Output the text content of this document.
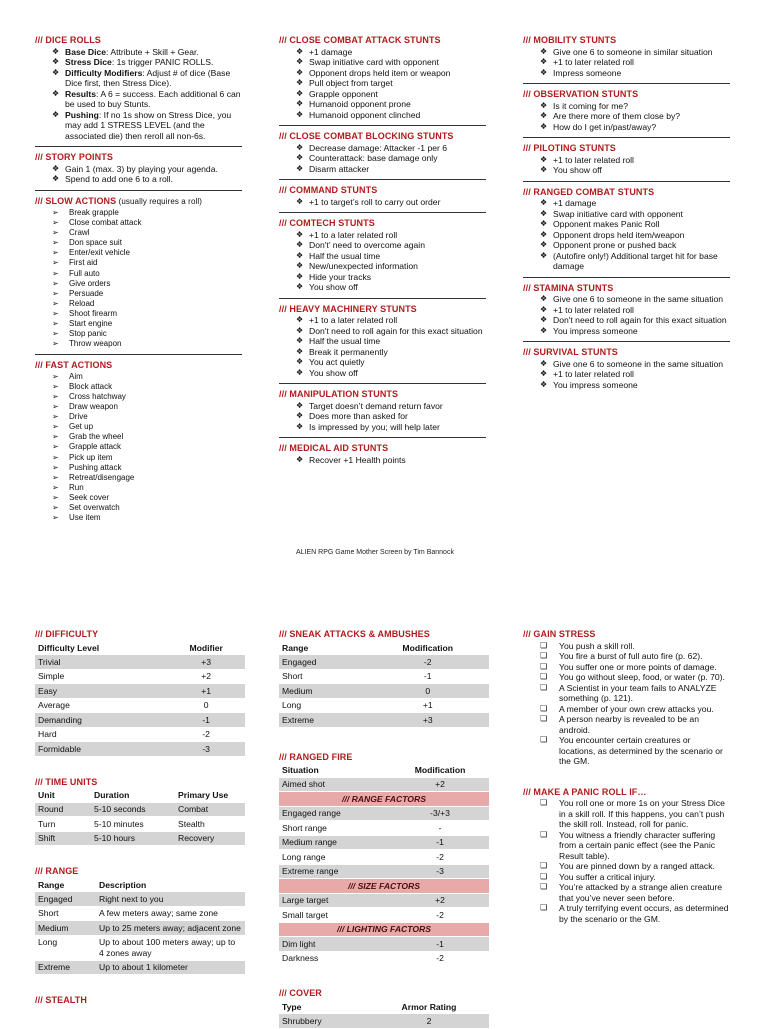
/// DICE ROLLS
❖ Base Dice: Attribute + Skill + Gear.
❖ Stress Dice: 1s trigger PANIC ROLLS.
❖ Difficulty Modifiers: Adjust # of dice (Base Dice first, then Stress Dice).
❖ Results: A 6 = success. Each additional 6 can be used to buy Stunts.
❖ Pushing: If no 1s show on Stress Dice, you may add 1 STRESS LEVEL (and the associated die) then reroll all non-6s.
/// STORY POINTS
❖ Gain 1 (max. 3) by playing your agenda.
❖ Spend to add one 6 to a roll.
/// SLOW ACTIONS (usually requires a roll)
➢ Break grapple
➢ Close combat attack
➢ Crawl
➢ Don space suit
➢ Enter/exit vehicle
➢ First aid
➢ Full auto
➢ Give orders
➢ Persuade
➢ Reload
➢ Shoot firearm
➢ Start engine
➢ Stop panic
➢ Throw weapon
/// FAST ACTIONS
➢ Aim
➢ Block attack
➢ Cross hatchway
➢ Draw weapon
➢ Drive
➢ Get up
➢ Grab the wheel
➢ Grapple attack
➢ Pick up item
➢ Pushing attack
➢ Retreat/disengage
➢ Run
➢ Seek cover
➢ Set overwatch
➢ Use item
/// CLOSE COMBAT ATTACK STUNTS
❖ +1 damage
❖ Swap initiative card with opponent
❖ Opponent drops held item or weapon
❖ Pull object from target
❖ Grapple opponent
❖ Humanoid opponent prone
❖ Humanoid opponent clinched
/// CLOSE COMBAT BLOCKING STUNTS
❖ Decrease damage: Attacker -1 per 6
❖ Counterattack: base damage only
❖ Disarm attacker
/// COMMAND STUNTS
❖ +1 to target’s roll to carry out order
/// COMTECH STUNTS
❖ +1 to a later related roll
❖ Don't’ need to overcome again
❖ Half the usual time
❖ New/unexpected information
❖ Hide your tracks
❖ You show off
/// HEAVY MACHINERY STUNTS
❖ +1 to a later related roll
❖ Don't need to roll again for this exact situation
❖ Half the usual time
❖ Break it permanently
❖ You act quietly
❖ You show off
/// MANIPULATION STUNTS
❖ Target doesn’t demand return favor
❖ Does more than asked for
❖ Is impressed by you; will help later
/// MEDICAL AID STUNTS
❖ Recover +1 Health points
/// MOBILITY STUNTS
❖ Give one 6 to someone in similar situation
❖ +1 to later related roll
❖ Impress someone
/// OBSERVATION STUNTS
❖ Is it coming for me?
❖ Are there more of them close by?
❖ How do I get in/past/away?
/// PILOTING STUNTS
❖ +1 to later related roll
❖ You show off
/// RANGED COMBAT STUNTS
❖ +1 damage
❖ Swap initiative card with opponent
❖ Opponent makes Panic Roll
❖ Opponent drops held item/weapon
❖ Opponent prone or pushed back
❖ (Autofire only!) Additional target hit for base damage
/// STAMINA STUNTS
❖ Give one 6 to someone in the same situation
❖ +1 to later related roll
❖ Don't need to roll again for this exact situation
❖ You impress someone
/// SURVIVAL STUNTS
❖ Give one 6 to someone in the same situation
❖ +1 to later related roll
❖ You impress someone
ALIEN RPG Game Mother Screen by Tim Bannock
/// DIFFICULTY
Difficulty Level	Modifier
Trivial	+3
Simple	+2
Easy	+1
Average	0
Demanding	-1
Hard	-2
Formidable	-3
/// TIME UNITS
Unit	Duration	Primary Use
Round	5-10 seconds	Combat
Turn	5-10 minutes	Stealth
Shift	5-10 hours	Recovery
/// RANGE
Range	Description
Engaged	Right next to you
Short	A few meters away; same zone
Medium	Up to 25 meters away; adjacent zone
Long	Up to about 100 meters away; up to 4 zones away
Extreme	Up to about 1 kilometer
/// STEALTH
/// SNEAK ATTACKS & AMBUSHES
Range	Modification
Engaged	-2
Short	-1
Medium	0
Long	+1
Extreme	+3
/// RANGED FIRE
Situation	Modification
Aimed shot	+2
/// RANGE FACTORS	
Engaged range	-3/+3
Short range	-
Medium range	-1
Long range	-2
Extreme range	-3
/// SIZE FACTORS	
Large target	+2
Small target	-2
/// LIGHTING FACTORS	
Dim light	-1
Darkness	-2
/// COVER
Type	Armor Rating
Shrubbery	2
/// GAIN STRESS
❏ You push a skill roll.
❏ You fire a burst of full auto fire (p. 62).
❏ You suffer one or more points of damage.
❏ You go without sleep, food, or water (p. 70).
❏ A Scientist in your team fails to ANALYZE something (p. 121).
❏ A member of your own crew attacks you.
❏ A person nearby is revealed to be an android.
❏ You encounter certain creatures or locations, as determined by the scenario or the GM.
/// MAKE A PANIC ROLL IF…
❏ You roll one or more 1s on your Stress Dice in a skill roll. If this happens, you can’t push the skill roll. Instead, roll for panic.
❏ You witness a friendly character suffering from a certain panic effect (see the Panic Result table).
❏ You are pinned down by a ranged attack.
❏ You suffer a critical injury.
❏ You’re attacked by a strange alien creature that you’ve never seen before.
❏ A truly terrifying event occurs, as determined by the scenario or the GM.
